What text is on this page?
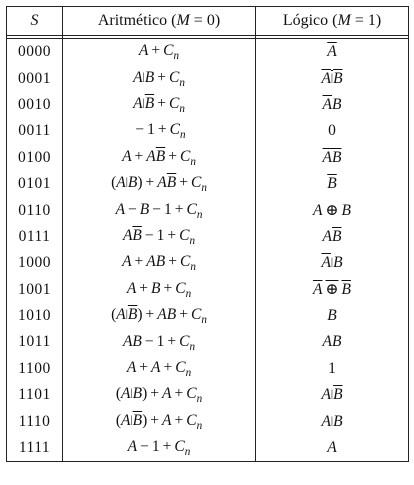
S	Aritmético (M = 0)	Lógico (M = 1)

0000	$A + C_n$	$\overline{A}$
0001	$A|B + C_n$	A|B
0010	$A|\overline{B} + C_n$	$\overline{A}B$
0011	− $1 + C_n$	0
0100	$A + A\overline{B} + C_n$	AB
0101	$(A|B) + A\overline{B} + C_n$	$\overline{B}$
0110	$A - B - 1 + C_n$	A ⊕ B
0111	$A\overline{B} - 1 + C_n$	$A\overline{B}$
1000	A + AB + $C_n$	$\overline{A}|B$
1001	$A + B + C_n$	A ⊕ B
1010	$(A|\overline{B})$ + AB + $C_n$	B
1011	AB − $1 + C_n$	AB
1100	$A + A + C_n$	1
1101	$(A|B) + A + C_n$	$A|\overline{B}$
1110	$(A|\overline{B}) + A + C_n$	A|B
1111	$A - 1 + C_n$	A
